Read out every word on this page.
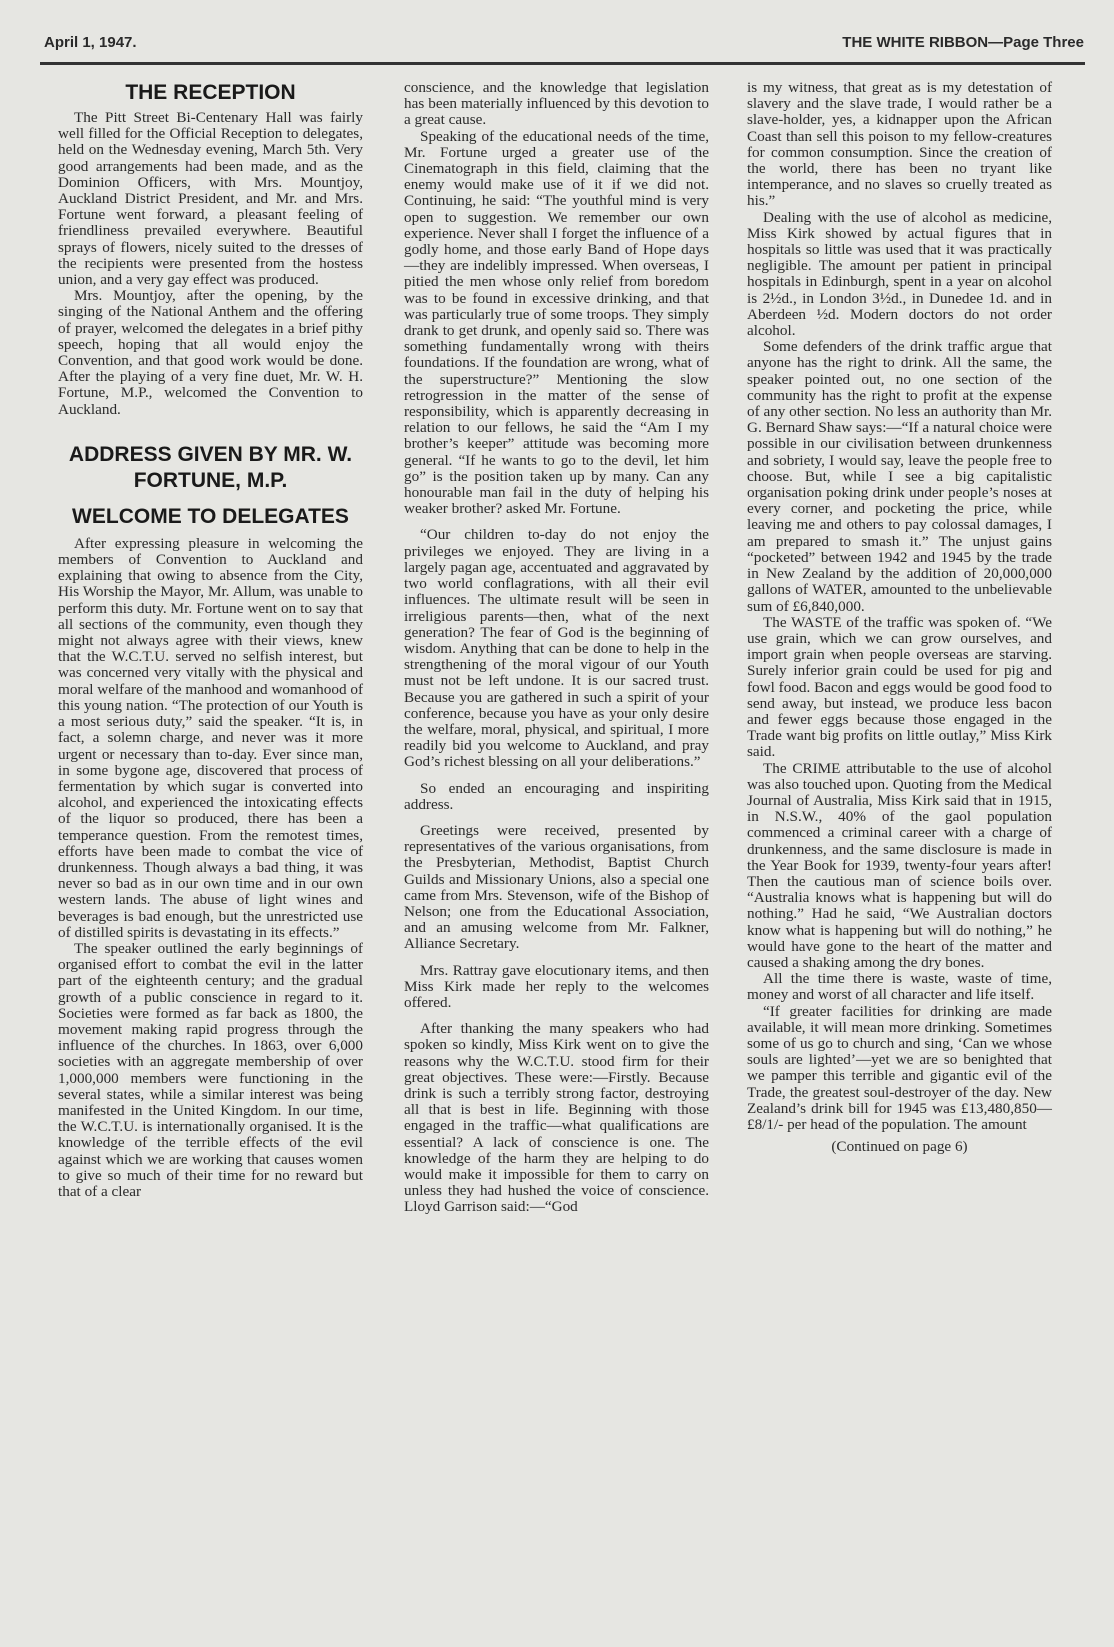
April 1, 1947.	THE WHITE RIBBON—Page Three
THE RECEPTION

The Pitt Street Bi-Centenary Hall was fairly well filled for the Official Reception to delegates, held on the Wednesday evening, March 5th. Very good arrangements had been made, and as the Dominion Officers, with Mrs. Mountjoy, Auckland District President, and Mr. and Mrs. Fortune went forward, a pleasant feeling of friendliness prevailed everywhere. Beautiful sprays of flowers, nicely suited to the dresses of the recipients were presented from the hostess union, and a very gay effect was produced.

Mrs. Mountjoy, after the opening, by the singing of the National Anthem and the offering of prayer, welcomed the delegates in a brief pithy speech, hoping that all would enjoy the Convention, and that good work would be done. After the playing of a very fine duet, Mr. W. H. Fortune, M.P., welcomed the Convention to Auckland.

ADDRESS GIVEN BY MR. W. FORTUNE, M.P.
WELCOME TO DELEGATES

After expressing pleasure in welcoming the members of Convention to Auckland and explaining that owing to absence from the City, His Worship the Mayor, Mr. Allum, was unable to perform this duty. Mr. Fortune went on to say that all sections of the community, even though they might not always agree with their views, knew that the W.C.T.U. served no selfish interest, but was concerned very vitally with the physical and moral welfare of the manhood and womanhood of this young nation. “The protection of our Youth is a most serious duty,” said the speaker. “It is, in fact, a solemn charge, and never was it more urgent or necessary than to-day. Ever since man, in some bygone age, discovered that process of fermentation by which sugar is converted into alcohol, and experienced the intoxicating effects of the liquor so produced, there has been a temperance question. From the remotest times, efforts have been made to combat the vice of drunkenness. Though always a bad thing, it was never so bad as in our own time and in our own western lands. The abuse of light wines and beverages is bad enough, but the unrestricted use of distilled spirits is devastating in its effects.”

The speaker outlined the early beginnings of organised effort to combat the evil in the latter part of the eighteenth century; and the gradual growth of a public conscience in regard to it. Societies were formed as far back as 1800, the movement making rapid progress through the influence of the churches. In 1863, over 6,000 societies with an aggregate membership of over 1,000,000 members were functioning in the several states, while a similar interest was being manifested in the United Kingdom. In our time, the W.C.T.U. is internationally organised. It is the knowledge of the terrible effects of the evil against which we are working that causes women to give so much of their time for no reward but that of a clear

conscience, and the knowledge that legislation has been materially influenced by this devotion to a great cause.

Speaking of the educational needs of the time, Mr. Fortune urged a greater use of the Cinematograph in this field, claiming that the enemy would make use of it if we did not. Continuing, he said: “The youthful mind is very open to suggestion. We remember our own experience. Never shall I forget the influence of a godly home, and those early Band of Hope days—they are indelibly impressed. When overseas, I pitied the men whose only relief from boredom was to be found in excessive drinking, and that was particularly true of some troops. They simply drank to get drunk, and openly said so. There was something fundamentally wrong with theirs foundations. If the foundation are wrong, what of the superstructure?” Mentioning the slow retrogression in the matter of the sense of responsibility, which is apparently decreasing in relation to our fellows, he said the “Am I my brother’s keeper” attitude was becoming more general. “If he wants to go to the devil, let him go” is the position taken up by many. Can any honourable man fail in the duty of helping his weaker brother? asked Mr. Fortune.

“Our children to-day do not enjoy the privileges we enjoyed. They are living in a largely pagan age, accentuated and aggravated by two world conflagrations, with all their evil influences. The ultimate result will be seen in irreligious parents—then, what of the next generation? The fear of God is the beginning of wisdom. Anything that can be done to help in the strengthening of the moral vigour of our Youth must not be left undone. It is our sacred trust. Because you are gathered in such a spirit of your conference, because you have as your only desire the welfare, moral, physical, and spiritual, I more readily bid you welcome to Auckland, and pray God’s richest blessing on all your deliberations.”

So ended an encouraging and inspiriting address.

Greetings were received, presented by representatives of the various organisations, from the Presbyterian, Methodist, Baptist Church Guilds and Missionary Unions, also a special one came from Mrs. Stevenson, wife of the Bishop of Nelson; one from the Educational Association, and an amusing welcome from Mr. Falkner, Alliance Secretary.

Mrs. Rattray gave elocutionary items, and then Miss Kirk made her reply to the welcomes offered.

After thanking the many speakers who had spoken so kindly, Miss Kirk went on to give the reasons why the W.C.T.U. stood firm for their great objectives. These were:—Firstly. Because drink is such a terribly strong factor, destroying all that is best in life. Beginning with those engaged in the traffic—what qualifications are essential? A lack of conscience is one. The knowledge of the harm they are helping to do would make it impossible for them to carry on unless they had hushed the voice of conscience. Lloyd Garrison said:—“God

is my witness, that great as is my detestation of slavery and the slave trade, I would rather be a slave-holder, yes, a kidnapper upon the African Coast than sell this poison to my fellow-creatures for common consumption. Since the creation of the world, there has been no tryant like intemperance, and no slaves so cruelly treated as his.”

Dealing with the use of alcohol as medicine, Miss Kirk showed by actual figures that in hospitals so little was used that it was practically negligible. The amount per patient in principal hospitals in Edinburgh, spent in a year on alcohol is 2½d., in London 3½d., in Dunedee 1d. and in Aberdeen ½d. Modern doctors do not order alcohol.

Some defenders of the drink traffic argue that anyone has the right to drink. All the same, the speaker pointed out, no one section of the community has the right to profit at the expense of any other section. No less an authority than Mr. G. Bernard Shaw says:—“If a natural choice were possible in our civilisation between drunkenness and sobriety, I would say, leave the people free to choose. But, while I see a big capitalistic organisation poking drink under people’s noses at every corner, and pocketing the price, while leaving me and others to pay colossal damages, I am prepared to smash it.” The unjust gains “pocketed” between 1942 and 1945 by the trade in New Zealand by the addition of 20,000,000 gallons of WATER, amounted to the unbelievable sum of £6,840,000.

The WASTE of the traffic was spoken of. “We use grain, which we can grow ourselves, and import grain when people overseas are starving. Surely inferior grain could be used for pig and fowl food. Bacon and eggs would be good food to send away, but instead, we produce less bacon and fewer eggs because those engaged in the Trade want big profits on little outlay,” Miss Kirk said.

The CRIME attributable to the use of alcohol was also touched upon. Quoting from the Medical Journal of Australia, Miss Kirk said that in 1915, in N.S.W., 40% of the gaol population commenced a criminal career with a charge of drunkenness, and the same disclosure is made in the Year Book for 1939, twenty-four years after! Then the cautious man of science boils over. “Australia knows what is happening but will do nothing.” Had he said, “We Australian doctors know what is happening but will do nothing,” he would have gone to the heart of the matter and caused a shaking among the dry bones.

All the time there is waste, waste of time, money and worst of all character and life itself.

“If greater facilities for drinking are made available, it will mean more drinking. Sometimes some of us go to church and sing, ‘Can we whose souls are lighted’—yet we are so benighted that we pamper this terrible and gigantic evil of the Trade, the greatest soul-destroyer of the day. New Zealand’s drink bill for 1945 was £13,480,850—£8/1/- per head of the population. The amount

(Continued on page 6)
